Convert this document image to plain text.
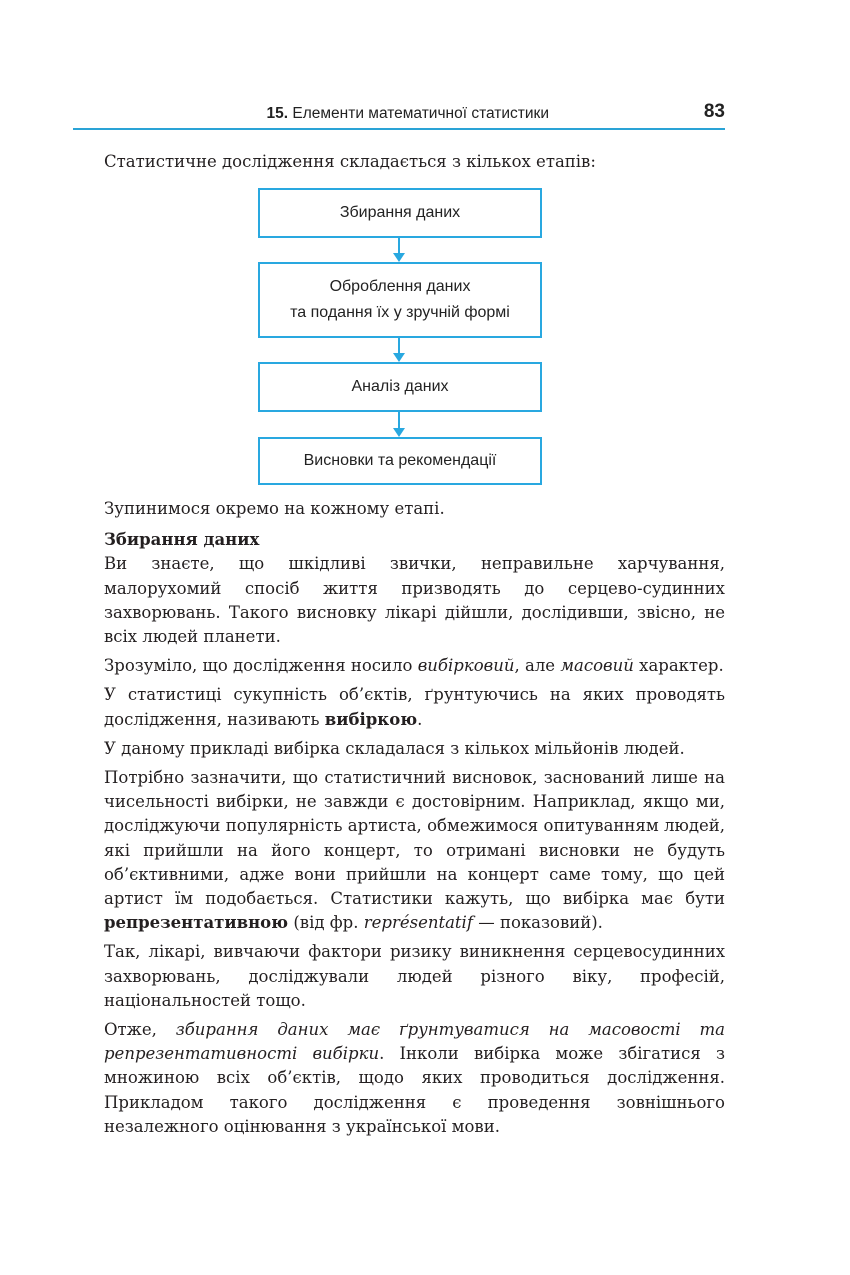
15. Елементи математичної статистики	83
Статистичне дослідження складається з кількох етапів:
Збирання даних
Оброблення даних
та подання їх у зручній формі
Аналіз даних
Висновки та рекомендації

Зупинимося окремо на кожному етапі.

Збирання даних

Ви знаєте, що шкідливі звички, неправильне харчування, малорухомий спосіб життя призводять до серцево-судинних захворювань. Такого висновку лікарі дійшли, дослідивши, звісно, не всіх людей планети.

Зрозуміло, що дослідження носило вибірковий, але масовий характер.

У статистиці сукупність об’єктів, ґрунтуючись на яких проводять дослідження, називають вибіркою.

У даному прикладі вибірка складалася з кількох мільйонів людей.

Потрібно зазначити, що статистичний висновок, заснований лише на чисельності вибірки, не завжди є достовірним. Наприклад, якщо ми, досліджуючи популярність артиста, обмежимося опитуванням людей, які прийшли на його концерт, то отримані висновки не будуть об’єктивними, адже вони прийшли на концерт саме тому, що цей артист їм подобається. Статистики кажуть, що вибірка має бути репрезентативною (від фр. représentatif — показовий).

Так, лікарі, вивчаючи фактори ризику виникнення серцевосудинних захворювань, досліджували людей різного віку, професій, національностей тощо.

Отже, збирання даних має ґрунтуватися на масовості та репрезентативності вибірки. Інколи вибірка може збігатися з множиною всіх об’єктів, щодо яких проводиться дослідження. Прикладом такого дослідження є проведення зовнішнього незалежного оцінювання з української мови.
